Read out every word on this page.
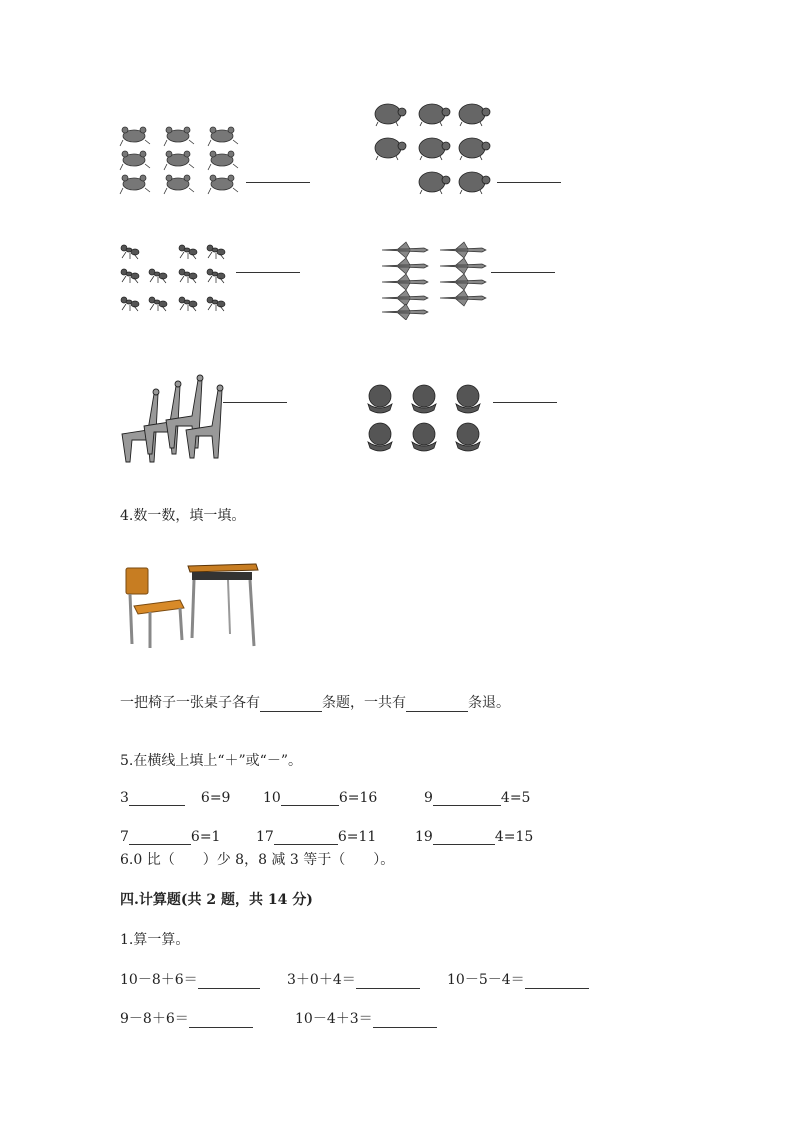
4.数一数，填一填。
一把椅子一张桌子各有	条题，一共有	条退。
5.在横线上填上“＋”或“－”。
3	6=9 10	6=16	9	4=5
7	6=1	17	6=11	19	4=15
6.0 比（　　）少 8，8 减 3 等于（　　）。
四.计算题(共 2 题，共 14 分)
1.算一算。
10－8＋6＝	3＋0＋4＝	10－5－4＝
9－8＋6＝	10－4＋3＝
